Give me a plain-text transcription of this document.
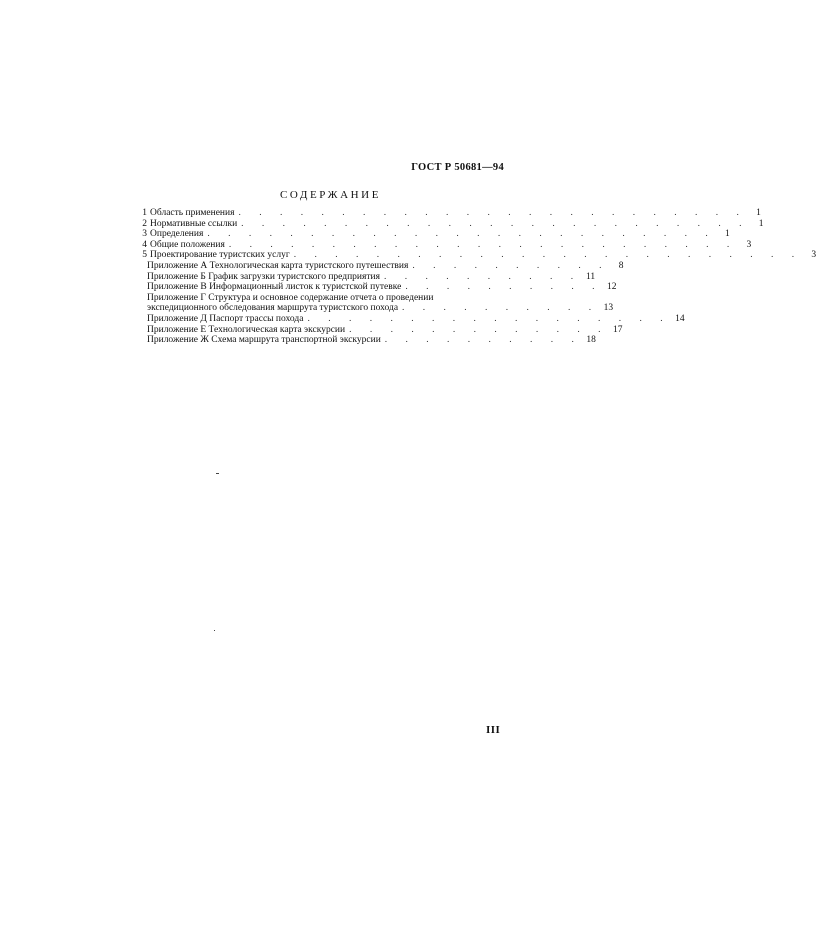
ГОСТ Р 50681—94
СОДЕРЖАНИЕ
1 Область применения . . . . . . . . . . . . . . . . . . . . . . . . . 1
2 Нормативные ссылки . . . . . . . . . . . . . . . . . . . . . . . . . 1
3 Определения . . . . . . . . . . . . . . . . . . . . . . . . . 1
4 Общие положения . . . . . . . . . . . . . . . . . . . . . . . . . 3
5 Проектирование туристских услуг . . . . . . . . . . . . . . . . . . . . . . . . . 3
Приложение А Технологическая карта туристского путешествия . . . . . . . . . . 8
Приложение Б График загрузки туристского предприятия . . . . . . . . . . 11
Приложение В Информационный листок к туристской путевке . . . . . . . . . . 12
Приложение Г Структура и основное содержание отчета о проведении
экспедиционного обследования маршрута туристского похода . . . . . . . . . . 13
Приложение Д Паспорт трассы похода . . . . . . . . . . . . . . . . . . 14
Приложение Е Технологическая карта экскурсии . . . . . . . . . . . . . 17
Приложение Ж Схема маршрута транспортной экскурсии . . . . . . . . . . 18
III
